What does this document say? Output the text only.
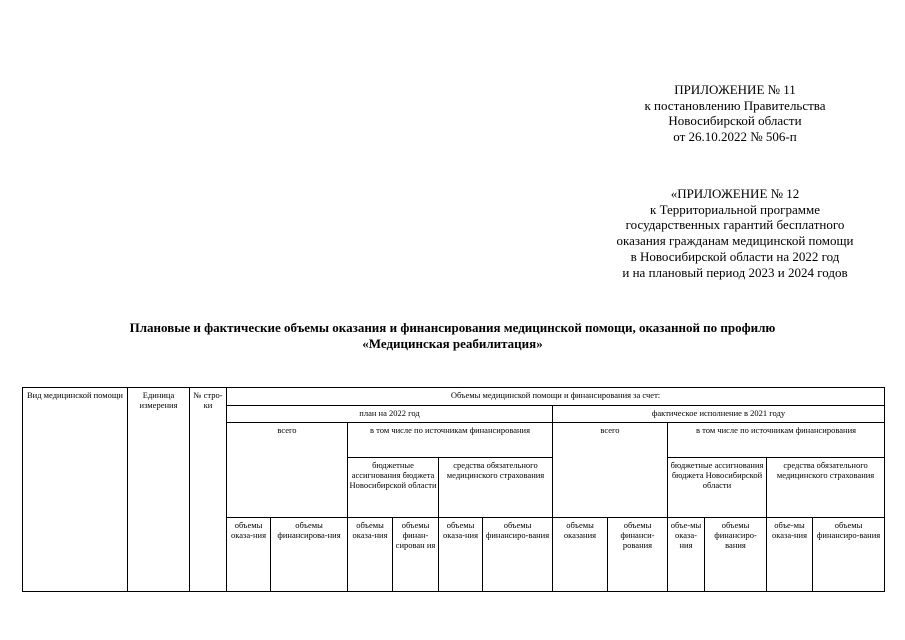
ПРИЛОЖЕНИЕ № 11
к постановлению Правительства
Новосибирской области
от 26.10.2022 № 506-п
«ПРИЛОЖЕНИЕ № 12
к Территориальной программе
государственных гарантий бесплатного
оказания гражданам медицинской помощи
в Новосибирской области на 2022 год
и на плановый период 2023 и 2024 годов
Плановые и фактические объемы оказания и финансирования медицинской помощи, оказанной по профилю
«Медицинская реабилитация»
Вид медицинской помощи	Единица измерения	№ стро-ки	Объемы медицинской помощи и финансирования за счет:											
			план на 2022 год						фактическое исполнение в 2021 году					
			всего		в том числе по источникам финансирования				всего		в том числе по источникам финансирования			
					бюджетные ассигнования бюджета Новосибирской области		средства обязательного медицинского страхования				бюджетные ассигнования бюджета Новосибирской области		средства обязательного медицинского страхования	
			объемы оказа-ния	объемы финансирова-ния	объемы оказа-ния	объемы финан-сирован ия	объемы оказа-ния	объемы финансиро-вания	объемы оказания	объемы финанси-рования	объе-мы оказа-ния	объемы финансиро-вания	объе-мы оказа-ния	объемы финансиро-вания
